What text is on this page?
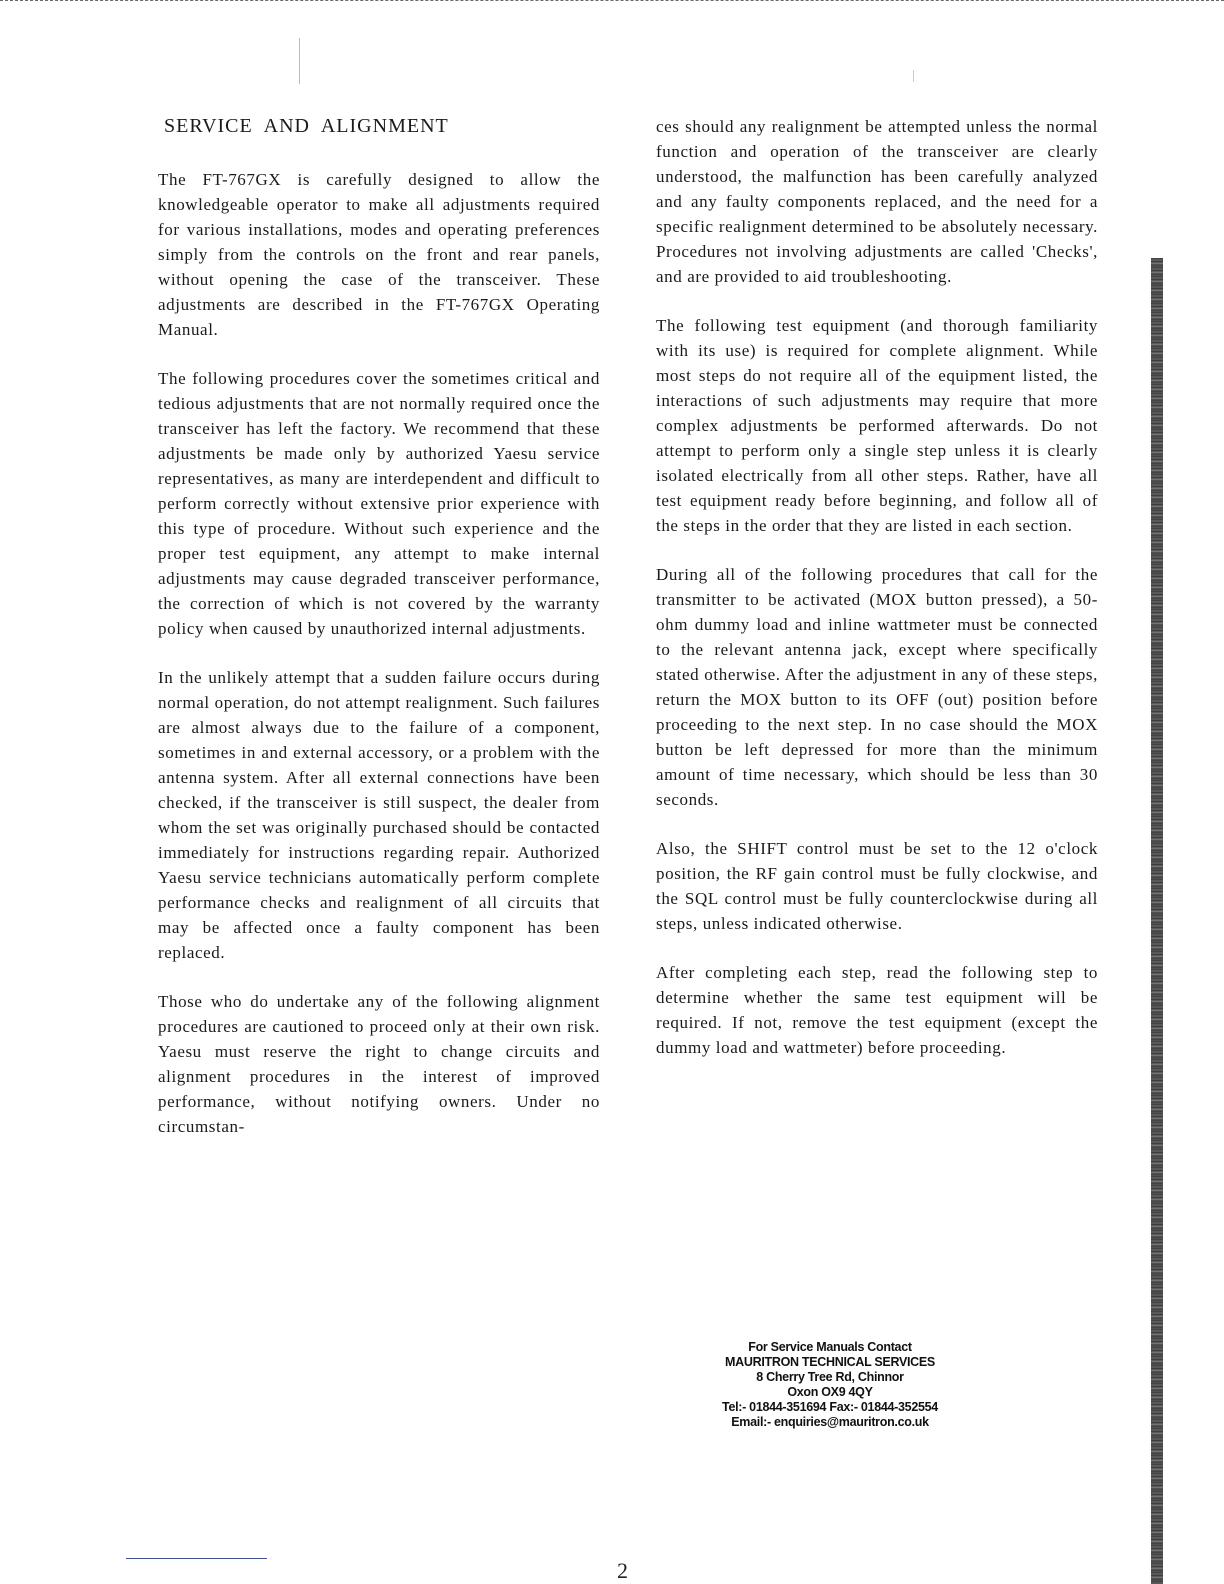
SERVICE AND ALIGNMENT

The FT-767GX is carefully designed to allow the knowledgeable operator to make all adjustments required for various installations, modes and operating preferences simply from the controls on the front and rear panels, without opening the case of the transceiver. These adjustments are described in the FT-767GX Operating Manual.

The following procedures cover the sometimes critical and tedious adjustments that are not normally required once the transceiver has left the factory. We recommend that these adjustments be made only by authorized Yaesu service representatives, as many are interdependent and difficult to perform correctly without extensive prior experience with this type of procedure. Without such experience and the proper test equipment, any attempt to make internal adjustments may cause degraded transceiver performance, the correction of which is not covered by the warranty policy when caused by unauthorized internal adjustments.

In the unlikely attempt that a sudden failure occurs during normal operation, do not attempt realignment. Such failures are almost always due to the failure of a component, sometimes in and external accessory, or a problem with the antenna system. After all external connections have been checked, if the transceiver is still suspect, the dealer from whom the set was originally purchased should be contacted immediately for instructions regarding repair. Authorized Yaesu service technicians automatically perform complete performance checks and realignment of all circuits that may be affected once a faulty component has been replaced.

Those who do undertake any of the following alignment procedures are cautioned to proceed only at their own risk. Yaesu must reserve the right to change circuits and alignment procedures in the interest of improved performance, without notifying owners. Under no circumstan-

ces should any realignment be attempted unless the normal function and operation of the transceiver are clearly understood, the malfunction has been carefully analyzed and any faulty components replaced, and the need for a specific realignment determined to be absolutely necessary. Procedures not involving adjustments are called 'Checks', and are provided to aid troubleshooting.

The following test equipment (and thorough familiarity with its use) is required for complete alignment. While most steps do not require all of the equipment listed, the interactions of such adjustments may require that more complex adjustments be performed afterwards. Do not attempt to perform only a single step unless it is clearly isolated electrically from all other steps. Rather, have all test equipment ready before beginning, and follow all of the steps in the order that they are listed in each section.

During all of the following procedures that call for the transmitter to be activated (MOX button pressed), a 50-ohm dummy load and inline wattmeter must be connected to the relevant antenna jack, except where specifically stated otherwise. After the adjustment in any of these steps, return the MOX button to its OFF (out) position before proceeding to the next step. In no case should the MOX button be left depressed for more than the minimum amount of time necessary, which should be less than 30 seconds.

Also, the SHIFT control must be set to the 12 o'clock position, the RF gain control must be fully clockwise, and the SQL control must be fully counterclockwise during all steps, unless indicated otherwise.

After completing each step, read the following step to determine whether the same test equipment will be required. If not, remove the test equipment (except the dummy load and wattmeter) before proceeding.

For Service Manuals Contact
MAURITRON TECHNICAL SERVICES
8 Cherry Tree Rd, Chinnor
Oxon OX9 4QY
Tel:- 01844-351694 Fax:- 01844-352554
Email:- enquiries@mauritron.co.uk
2
